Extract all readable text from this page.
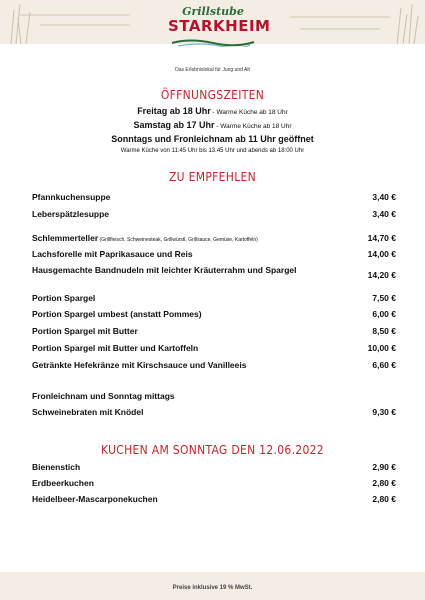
Grillstube
STARKHEIM
Das Erlebnislokal für Jung und Alt
ÖFFNUNGSZEITEN
Freitag ab 18 Uhr - Warme Küche ab 18 Uhr
Samstag ab 17 Uhr - Warme Küche ab 18 Uhr
Sonntags und Fronleichnam ab 11 Uhr geöffnet
Warme Küche von 11:45 Uhr bis 13.45 Uhr und abends ab 18:00 Uhr
ZU EMPFEHLEN
Pfannkuchensuppe	3,40 €
Leberspätzlesuppe	3,40 €
Schlemmerteller (Grillfleisch, Schweinesteak, Grillwürstl, Grillsauce, Gemüse, Kartoffeln)	14,70 €
Lachsforelle mit Paprikasauce und Reis	14,00 €
Hausgemachte Bandnudeln mit leichter Kräuterrahm und Spargel	14,20 €
Portion Spargel	7,50 €
Portion Spargel umbest (anstatt Pommes)	6,00 €
Portion Spargel mit Butter	8,50 €
Portion Spargel mit Butter und Kartoffeln	10,00 €
Getränkte Hefekränze mit Kirschsauce und Vanilleeis	6,60 €
Fronleichnam und Sonntag mittags
Schweinebraten mit Knödel	9,30 €
KUCHEN AM SONNTAG DEN 12.06.2022
Bienenstich	2,90 €
Erdbeerkuchen	2,80 €
Heidelbeer-Mascarponekuchen	2,80 €
Preise inklusive 19 % MwSt.
